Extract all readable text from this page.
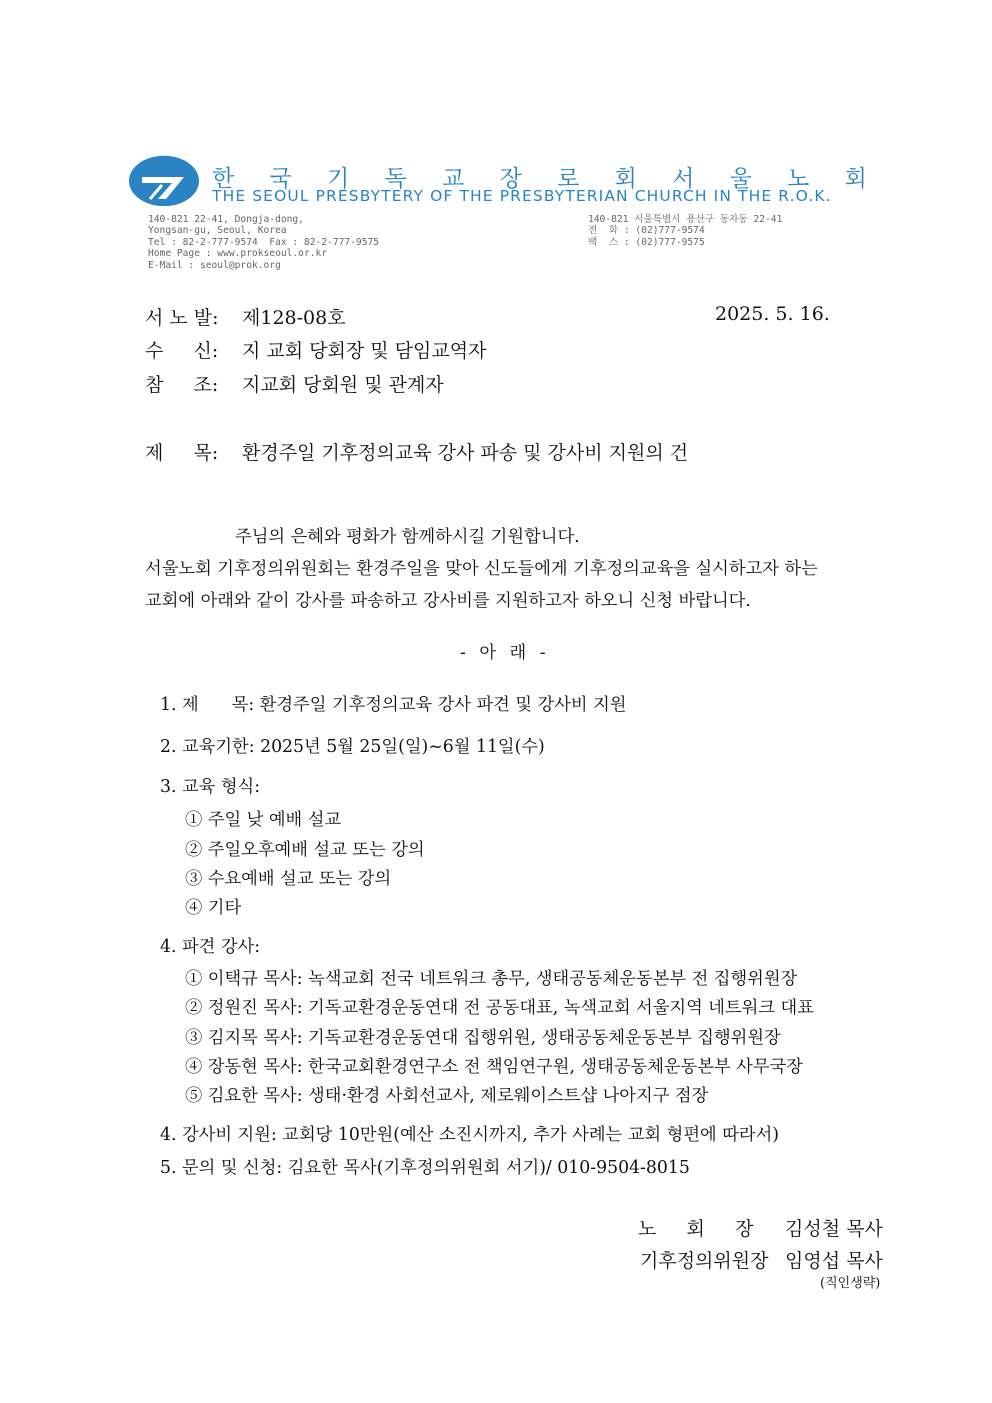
한 국 기 독 교 장 로 회 서 울 노 회
THE SEOUL PRESBYTERY OF THE PRESBYTERIAN CHURCH IN THE R.O.K.
140-821 22-41, Dongja-dong,
Yongsan-gu, Seoul, Korea
Tel : 82-2-777-9574  Fax : 82-2-777-9575
Home Page : www.prokseoul.or.kr
E-Mail : seoul@prok.org
140-821 서울특별시 용산구 동자동 22-41
전  화 : (02)777-9574
팩  스 : (02)777-9575
서 노 발: 제128-08호	2025. 5. 16.
수     신: 지 교회 당회장 및 담임교역자
참     조: 지교회 당회원 및 관계자
제     목: 환경주일 기후정의교육 강사 파송 및 강사비 지원의 건
주님의 은혜와 평화가 함께하시길 기원합니다.
서울노회 기후정의위원회는 환경주일을 맞아 신도들에게 기후정의교육을 실시하고자 하는
교회에 아래와 같이 강사를 파송하고 강사비를 지원하고자 하오니 신청 바랍니다.
- 아 래 -
1. 제      목: 환경주일 기후정의교육 강사 파견 및 강사비 지원
2. 교육기한: 2025년 5월 25일(일)~6월 11일(수)
3. 교육 형식:
① 주일 낮 예배 설교
② 주일오후예배 설교 또는 강의
③ 수요예배 설교 또는 강의
④ 기타
4. 파견 강사:
① 이택규 목사: 녹색교회 전국 네트워크 총무, 생태공동체운동본부 전 집행위원장
② 정원진 목사: 기독교환경운동연대 전 공동대표, 녹색교회 서울지역 네트워크 대표
③ 김지목 목사: 기독교환경운동연대 집행위원, 생태공동체운동본부 집행위원장
④ 장동현 목사: 한국교회환경연구소 전 책임연구원, 생태공동체운동본부 사무국장
⑤ 김요한 목사: 생태·환경 사회선교사, 제로웨이스트샵 나아지구 점장
4. 강사비 지원: 교회당 10만원(예산 소진시까지, 추가 사례는 교회 형편에 따라서)
5. 문의 및 신청: 김요한 목사(기후정의위원회 서기)/ 010-9504-8015
노     회     장 김성철 목사
기후정의위원장 임영섭 목사
(직인생략)
